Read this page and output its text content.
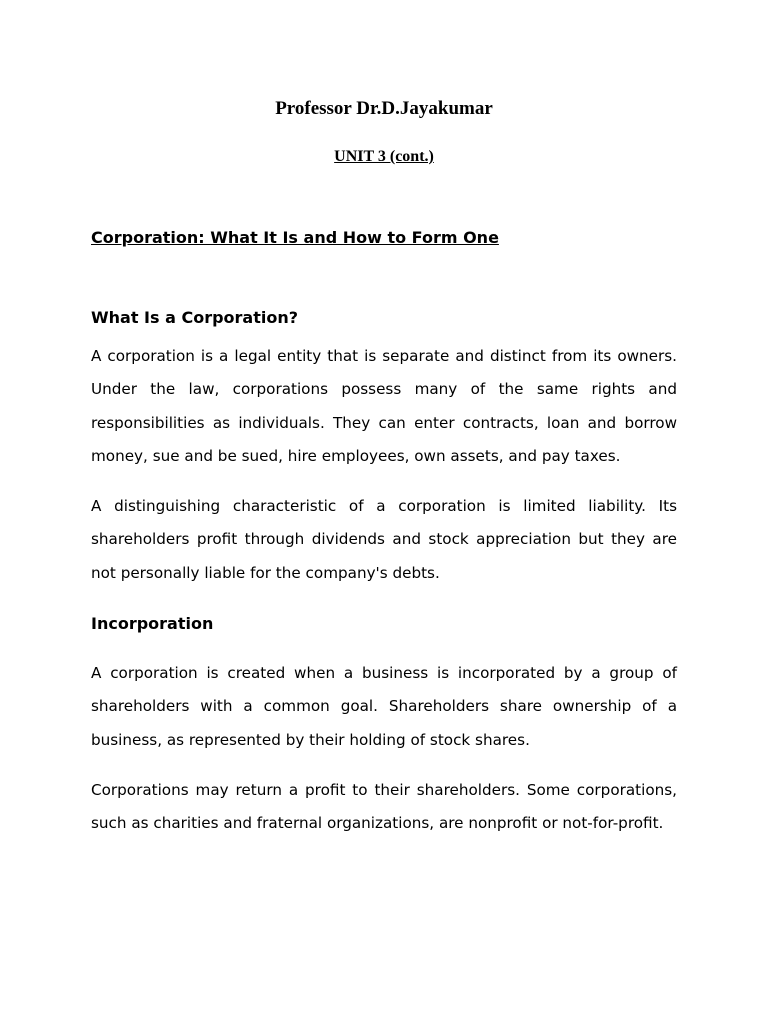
Professor Dr.D.Jayakumar
UNIT 3 (cont.)
Corporation: What It Is and How to Form One
What Is a Corporation?

A corporation is a legal entity that is separate and distinct from its owners. Under the law, corporations possess many of the same rights and responsibilities as individuals. They can enter contracts, loan and borrow money, sue and be sued, hire employees, own assets, and pay taxes.

A distinguishing characteristic of a corporation is limited liability. Its shareholders profit through dividends and stock appreciation but they are not personally liable for the company's debts.

Incorporation

A corporation is created when a business is incorporated by a group of shareholders with a common goal. Shareholders share ownership of a business, as represented by their holding of stock shares.

Corporations may return a profit to their shareholders. Some corporations, such as charities and fraternal organizations, are nonprofit or not-for-profit.
